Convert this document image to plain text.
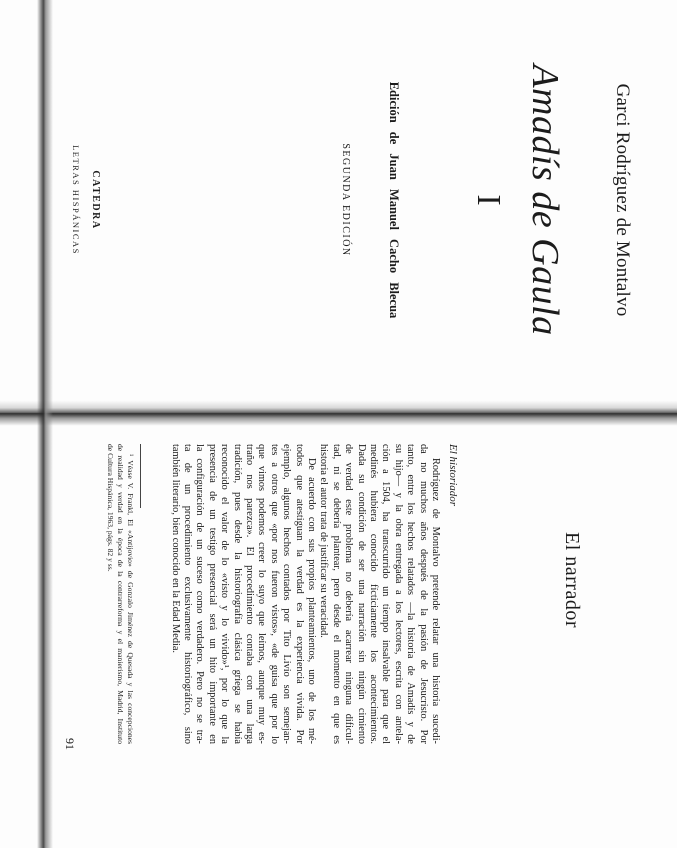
Garci Rodríguez de Montalvo
Amadís de Gaula
I
Edición de Juan Manuel Cacho Blecua
SEGUNDA EDICIÓN
CATEDRA
LETRAS HISPÁNICAS
El narrador
El historiador
Rodríguez de Montalvo pretende relatar una historia sucedi-
da no muchos años después de la pasión de Jesucristo. Por
tanto, entre los hechos relatados —la historia de Amadís y de
su hijo— y la obra entregada a los lectores, escrita con antela-
ción a 1504, ha transcurrido un tiempo insalvable para que el
medinés hubiera conocido fícticiamente los acontecimientos.
Dada su condición de ser una narración sin ningún cimiento
de verdad este problema no debería acarrear ninguna dificul-
tad, ni se debería plantear, pero desde el momento en que es
historia el autor trata de justificar su veracidad.
De acuerdo con sus propios planteamientos, uno de los mé-
todos que atestiguan la verdad es la experiencia vivida. Por
ejemplo, algunos hechos contados por Tito Livio son semejan-
tes a otros que «por nos fueron vistos», «de guisa que por lo
que vimos podemos creer lo suyo que leímos, aunque muy es-
traño nos parezca». El procedimiento contaba con una larga
tradición, pues desde la historiografía clásica griega se había
reconocido el valor de lo «visto y lo vivido»¹, por lo que la
presencia de un testigo presencial será un hito importante en
la configuración de un suceso como verdadero. Pero no se tra-
ta de un procedimiento exclusivamente historiográfico, sino
también literario, bien conocido en la Edad Media.
¹ Véase V. Frankl, El «Antijovio» de Gonzalo Jiménez de Quesada y las concepciones
de realidad y verdad en la época de la contrarreforma y el manierismo, Madrid, Instituto
de Cultura Hispánica, 1963, págs. 82 y ss.
91
